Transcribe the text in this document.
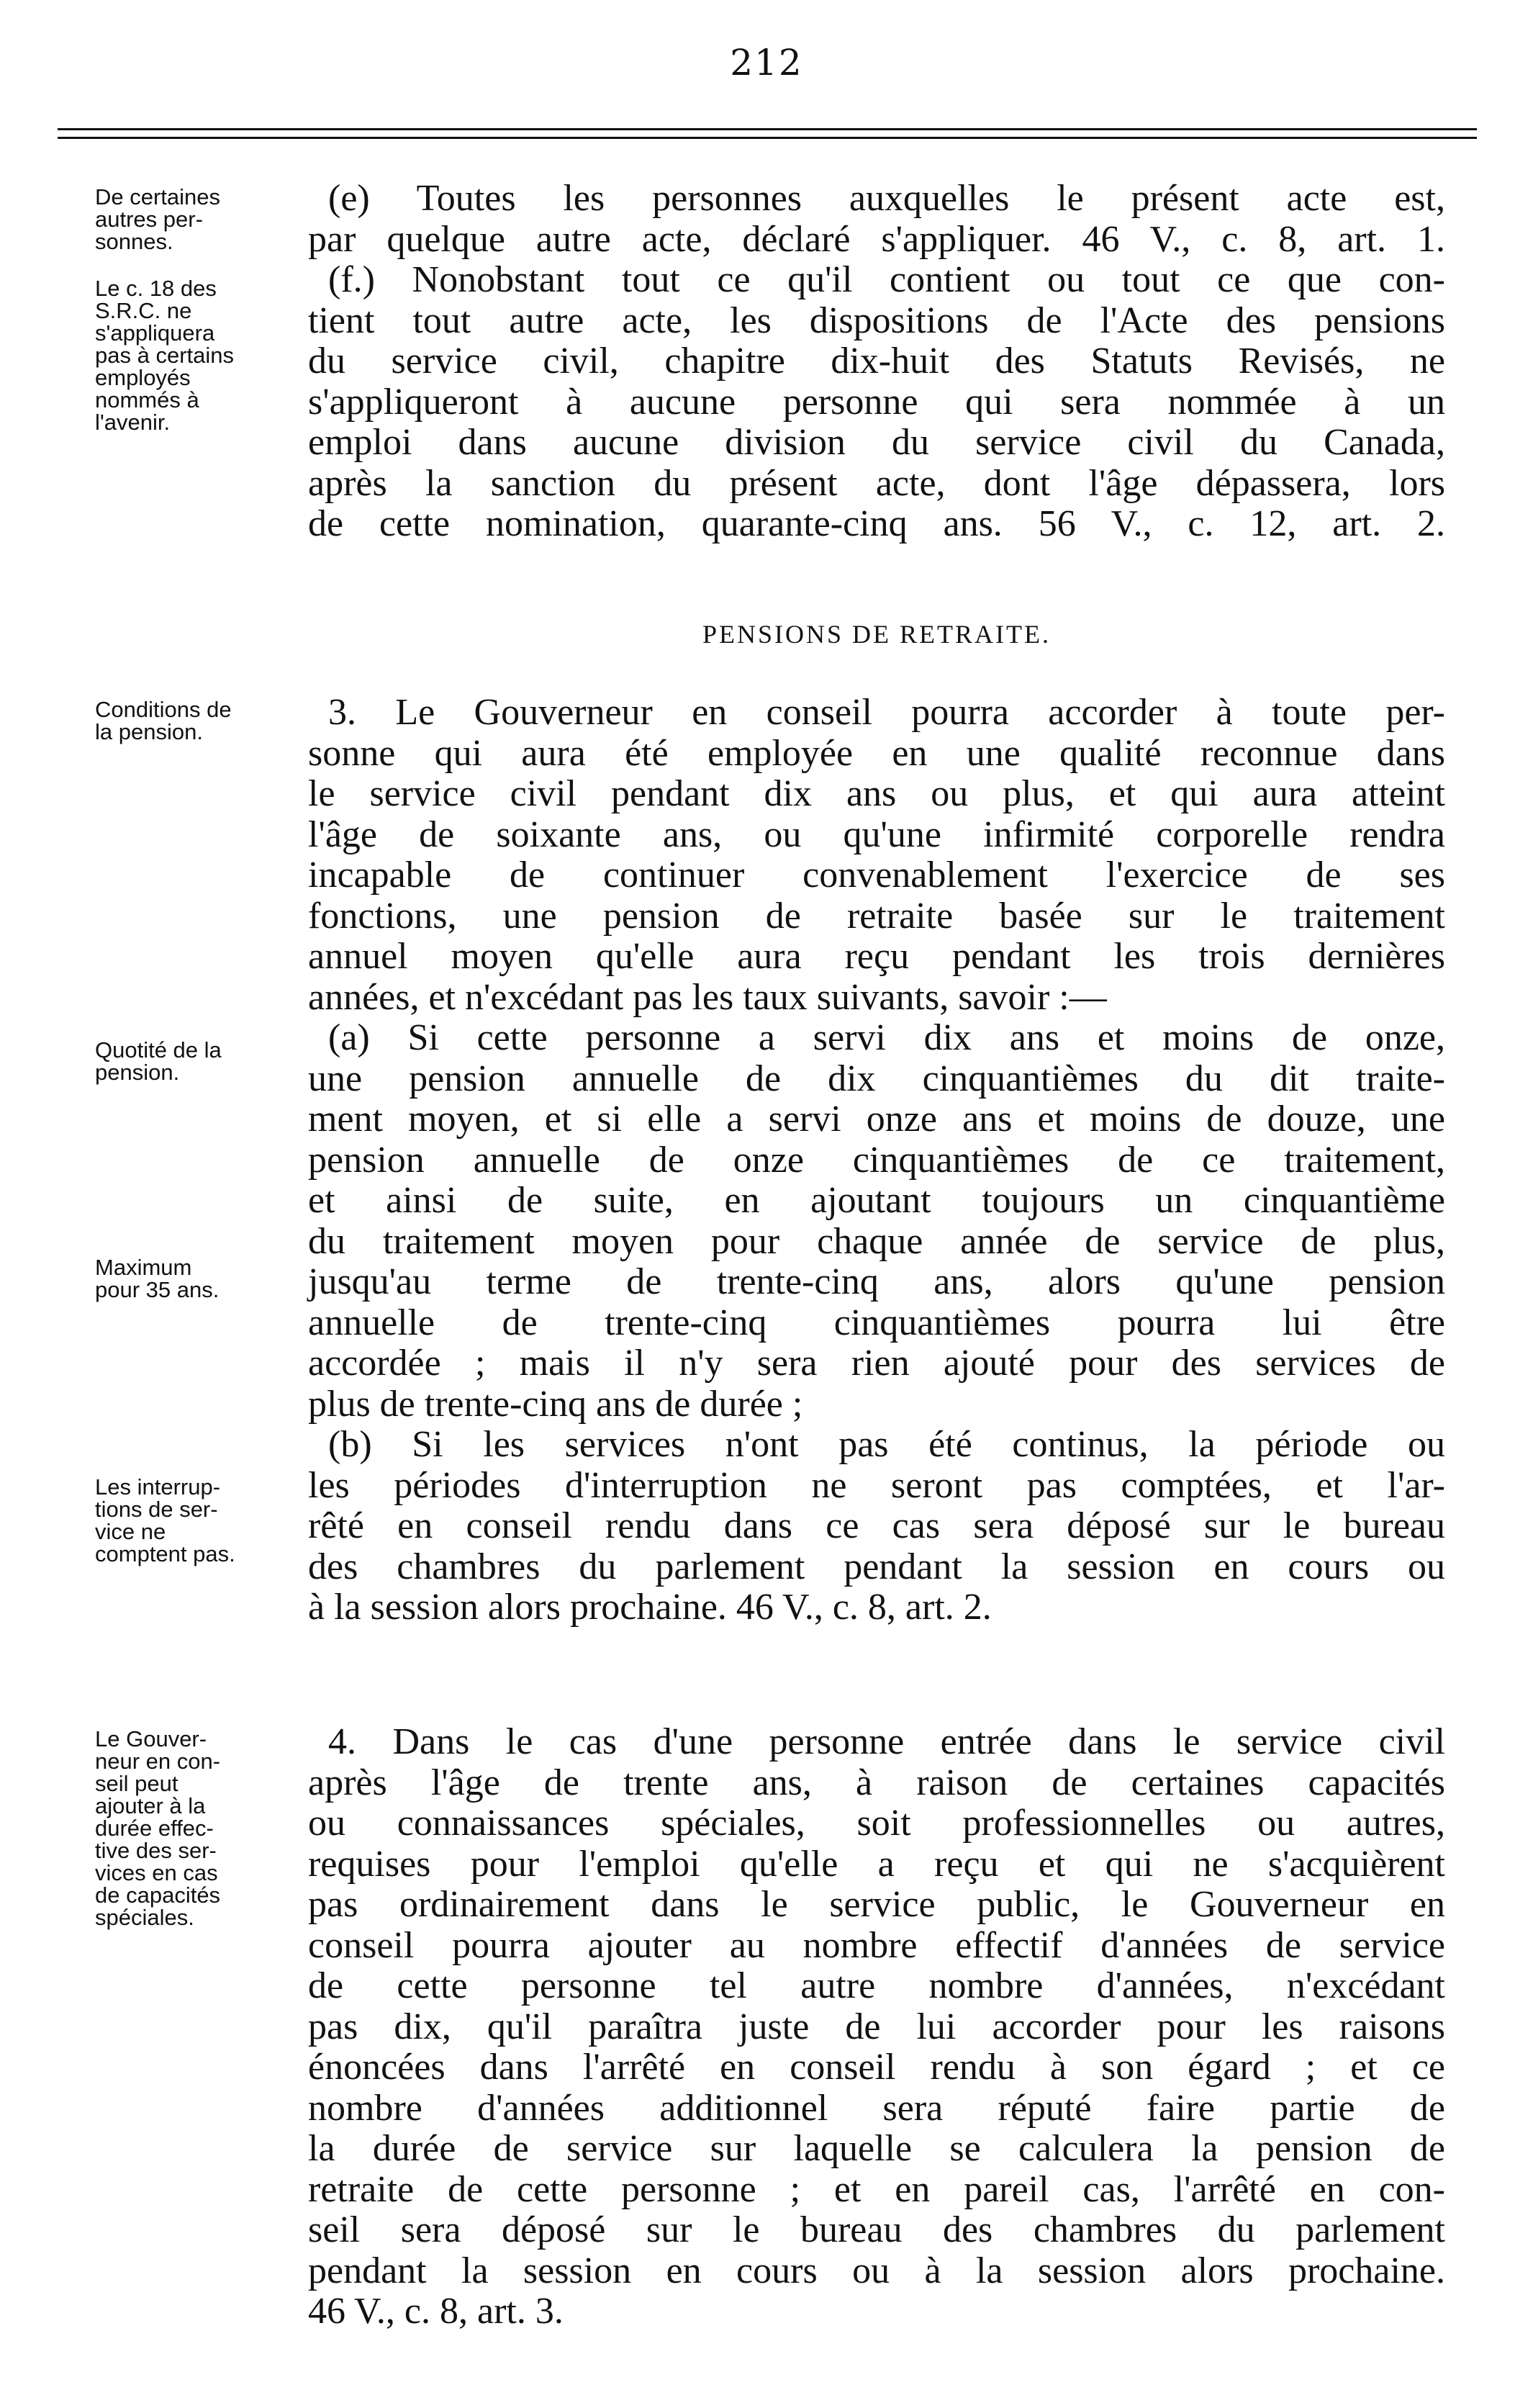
212
De certaines
autres per-
sonnes.
Le c. 18 des
S.R.C. ne
s'appliquera
pas à certains
employés
nommés à
l'avenir.
Conditions de
la pension.
Quotité de la
pension.
Maximum
pour 35 ans.
Les interrup-
tions de ser-
vice ne
comptent pas.
Le Gouver-
neur en con-
seil peut
ajouter à la
durée effec-
tive des ser-
vices en cas
de capacités
spéciales.
(e) Toutes les personnes auxquelles le présent acte est,
par quelque autre acte, déclaré s'appliquer. 46 V., c. 8, art. 1.
(f.) Nonobstant tout ce qu'il contient ou tout ce que con-
tient tout autre acte, les dispositions de l'Acte des pensions
du service civil, chapitre dix-huit des Statuts Revisés, ne
s'appliqueront à aucune personne qui sera nommée à un
emploi dans aucune division du service civil du Canada,
après la sanction du présent acte, dont l'âge dépassera, lors
de cette nomination, quarante-cinq ans. 56 V., c. 12, art. 2.
PENSIONS DE RETRAITE.
3. Le Gouverneur en conseil pourra accorder à toute per-
sonne qui aura été employée en une qualité reconnue dans
le service civil pendant dix ans ou plus, et qui aura atteint
l'âge de soixante ans, ou qu'une infirmité corporelle rendra
incapable de continuer convenablement l'exercice de ses
fonctions, une pension de retraite basée sur le traitement
annuel moyen qu'elle aura reçu pendant les trois dernières
années, et n'excédant pas les taux suivants, savoir :—
(a) Si cette personne a servi dix ans et moins de onze,
une pension annuelle de dix cinquantièmes du dit traite-
ment moyen, et si elle a servi onze ans et moins de douze, une
pension annuelle de onze cinquantièmes de ce traitement,
et ainsi de suite, en ajoutant toujours un cinquantième
du traitement moyen pour chaque année de service de plus,
jusqu'au terme de trente-cinq ans, alors qu'une pension
annuelle de trente-cinq cinquantièmes pourra lui être
accordée ; mais il n'y sera rien ajouté pour des services de
plus de trente-cinq ans de durée ;
(b) Si les services n'ont pas été continus, la période ou
les périodes d'interruption ne seront pas comptées, et l'ar-
rêté en conseil rendu dans ce cas sera déposé sur le bureau
des chambres du parlement pendant la session en cours ou
à la session alors prochaine. 46 V., c. 8, art. 2.
4. Dans le cas d'une personne entrée dans le service civil
après l'âge de trente ans, à raison de certaines capacités
ou connaissances spéciales, soit professionnelles ou autres,
requises pour l'emploi qu'elle a reçu et qui ne s'acquièrent
pas ordinairement dans le service public, le Gouverneur en
conseil pourra ajouter au nombre effectif d'années de service
de cette personne tel autre nombre d'années, n'excédant
pas dix, qu'il paraîtra juste de lui accorder pour les raisons
énoncées dans l'arrêté en conseil rendu à son égard ; et ce
nombre d'années additionnel sera réputé faire partie de
la durée de service sur laquelle se calculera la pension de
retraite de cette personne ; et en pareil cas, l'arrêté en con-
seil sera déposé sur le bureau des chambres du parlement
pendant la session en cours ou à la session alors prochaine.
46 V., c. 8, art. 3.
